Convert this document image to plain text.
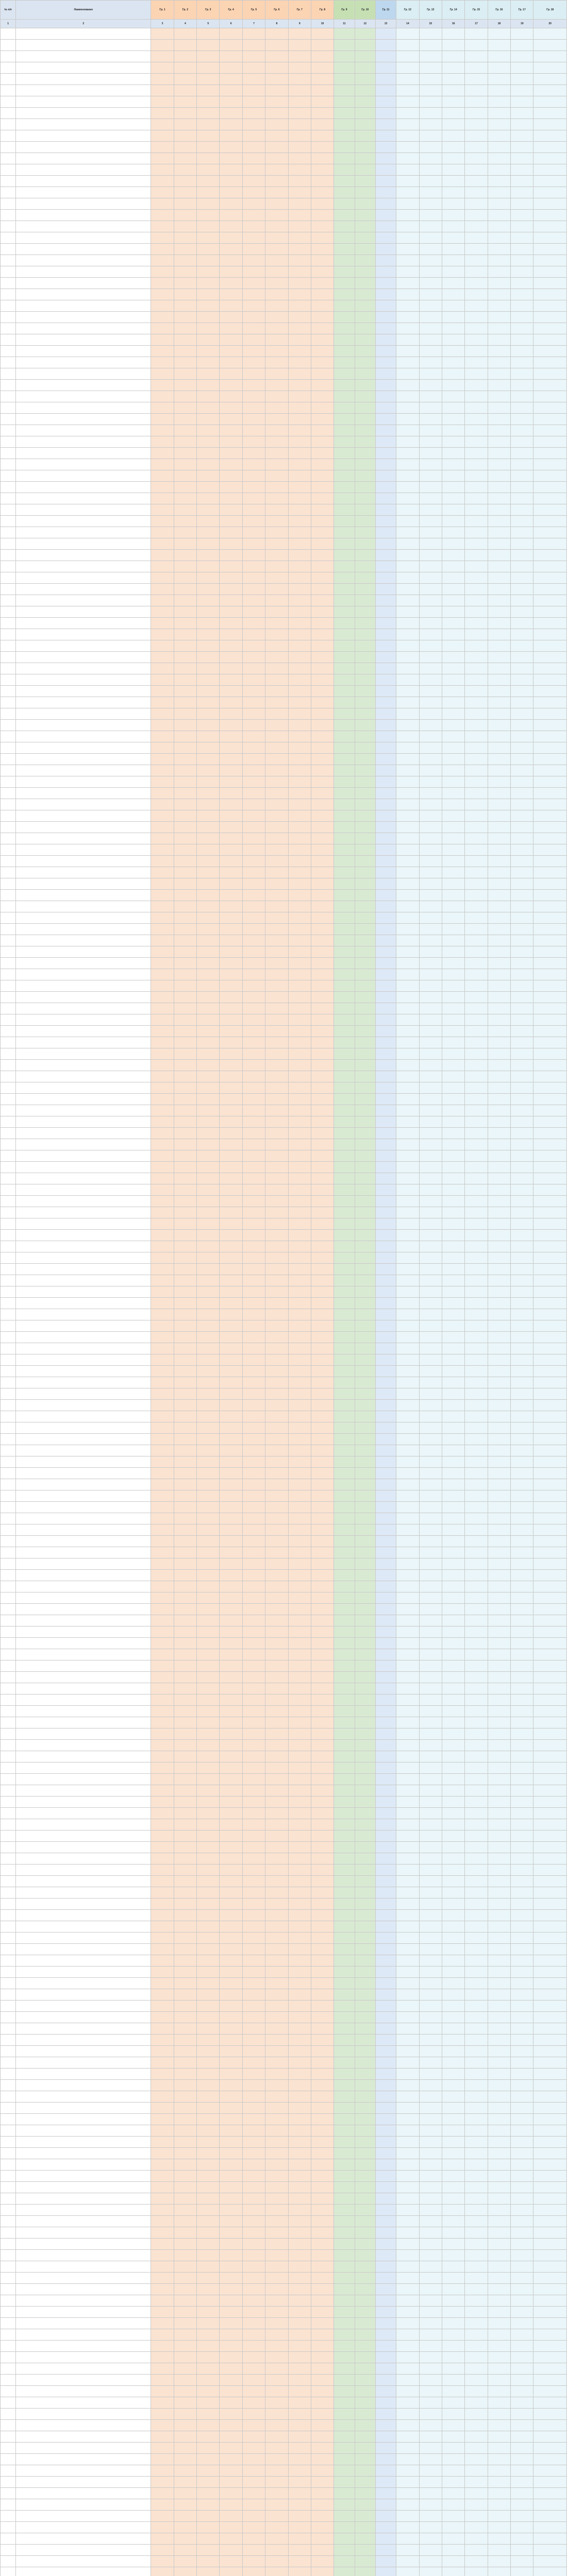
№ п/п	Наименование	Гр. 1	Гр. 2	Гр. 3	Гр. 4	Гр. 5	Гр. 6	Гр. 7	Гр. 8	Гр. 9	Гр. 10	Гр. 11	Гр. 12	Гр. 13	Гр. 14	Гр. 15	Гр. 16	Гр. 17	Гр. 18
1	2	3	4	5	6	7	8	9	10	11	12	13	14	15	16	17	18	19	20
